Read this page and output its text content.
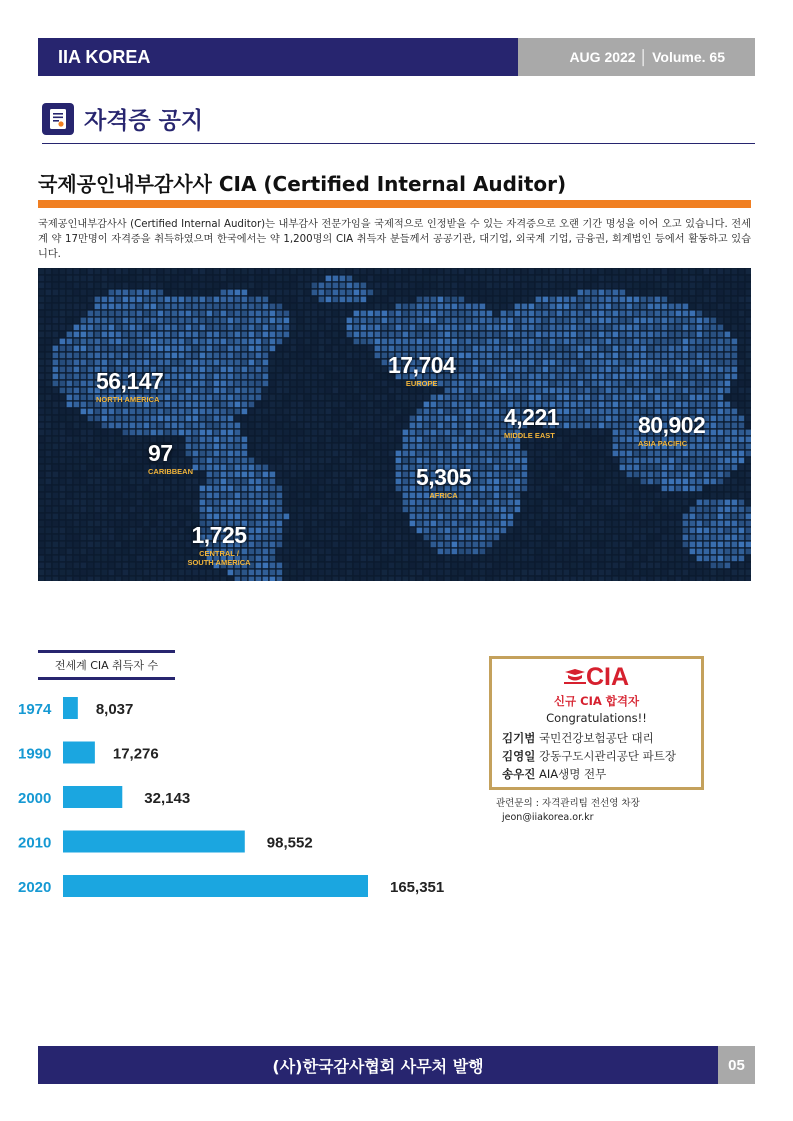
IIA KOREA	AUG 2022 │ Volume. 65
자격증 공지
국제공인내부감사사 CIA (Certified Internal Auditor)

국제공인내부감사사 (Certified Internal Auditor)는 내부감사 전문가임을 국제적으로 인정받을 수 있는 자격증으로 오랜 기간 명성을 이어 오고 있습니다. 전세계 약 17만명이 자격증을 취득하였으며 한국에서는 약 1,200명의 CIA 취득자 분들께서 공공기관, 대기업, 외국계 기업, 금융권, 회계법인 등에서 활동하고 있습니다.

56,147
NORTH AMERICA
97
CARIBBEAN
1,725
CENTRAL / SOUTH AMERICA
17,704
EUROPE
4,221
MIDDLE EAST
5,305
AFRICA
80,902
ASIA PACIFIC
전세계 CIA 취득자 수
1974	8,037
1990	17,276
2000	32,143
2010	98,552
2020	165,351
CIA
신규 CIA 합격자
Congratulations!!
김기범 국민건강보험공단 대리
김영일 강동구도시관리공단 파트장
송우진 AIA생명 전무
관련문의 : 자격관리팀 전선영 차장
jeon@iiakorea.or.kr
(사)한국감사협회 사무처 발행	05
